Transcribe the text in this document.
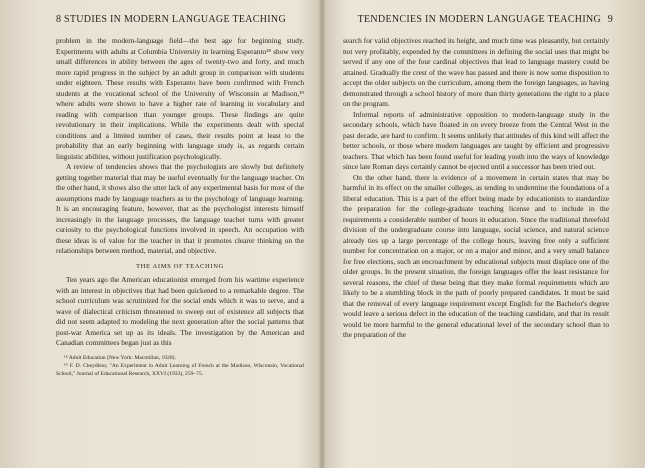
8 STUDIES IN MODERN LANGUAGE TEACHING

problem in the modern-language field—the best age for beginning study. Experiments with adults at Columbia University in learning Esperanto¹⁸ show very small differences in ability between the ages of twenty-two and forty, and much more rapid progress in the subject by an adult group in comparison with students under eighteen. These results with Esperanto have been confirmed with French students at the vocational school of the University of Wisconsin at Madison,¹⁹ where adults were shown to have a higher rate of learning in vocabulary and reading with comparison than younger groups. These findings are quite revolutionary in their implications. While the experiments dealt with special conditions and a limited number of cases, their results point at least to the probability that an early beginning with language study is, as regards certain linguistic abilities, without justification psychologically.

A review of tendencies shows that the psychologists are slowly but definitely getting together material that may be useful eventually for the language teacher. On the other hand, it shows also the utter lack of any experimental basis for most of the assumptions made by language teachers as to the psychology of language learning. It is an encouraging feature, however, that as the psychologist interests himself increasingly in the language processes, the language teacher turns with greater curiosity to the psychological functions involved in speech. An occupation with these ideas is of value for the teacher in that it promotes clearer thinking on the relationships between method, material, and objective.

THE AIMS OF TEACHING

Ten years ago the American educationist emerged from his wartime experience with an interest in objectives that had been quickened to a remarkable degree. The school curriculum was scrutinized for the social ends which it was to serve, and a wave of dialectical criticism threatened to sweep out of existence all subjects that did not seem adapted to modeling the next generation after the social patterns that post-war America set up as its ideals. The investigation by the American and Canadian committees began just as this

¹⁸ Adult Education (New York: Macmillan, 1928).

¹⁹ F. D. Cheydleur, "An Experiment in Adult Learning of French at the Madison, Wisconsin, Vocational School," Journal of Educational Research, XXVI (1933), 259–75.

TENDENCIES IN MODERN LANGUAGE TEACHING 9

search for valid objectives reached its height, and much time was pleasantly, but certainly not very profitably, expended by the committees in defining the social uses that might be served if any one of the four cardinal objectives that lead to language mastery could be attained. Gradually the crest of the wave has passed and there is now some disposition to accept the older subjects on the curriculum, among them the foreign languages, as having demonstrated through a school history of more than thirty generations the right to a place on the program.

Informal reports of administrative opposition to modern-language study in the secondary schools, which have floated in on every breeze from the Central West in the past decade, are hard to confirm. It seems unlikely that attitudes of this kind will affect the better schools, or those where modern languages are taught by efficient and progressive teachers. That which has been found useful for leading youth into the ways of knowledge since late Roman days certainly cannot be ejected until a successor has been tried out.

On the other hand, there is evidence of a movement in certain states that may be harmful in its effect on the smaller colleges, as tending to undermine the foundations of a liberal education. This is a part of the effort being made by educationists to standardize the preparation for the college-graduate teaching license and to include in the requirements a considerable number of hours in education. Since the traditional threefold division of the undergraduate course into language, social science, and natural science already ties up a large percentage of the college hours, leaving free only a sufficient number for concentration on a major, or on a major and minor, and a very small balance for free elections, such an encroachment by educational subjects must displace one of the older groups. In the present situation, the foreign languages offer the least resistance for several reasons, the chief of these being that they make formal requirements which are likely to be a stumbling block in the path of poorly prepared candidates. It must be said that the removal of every language requirement except English for the Bachelor's degree would leave a serious defect in the education of the teaching candidate, and that its result would be more harmful to the general educational level of the secondary school than to the preparation of the
